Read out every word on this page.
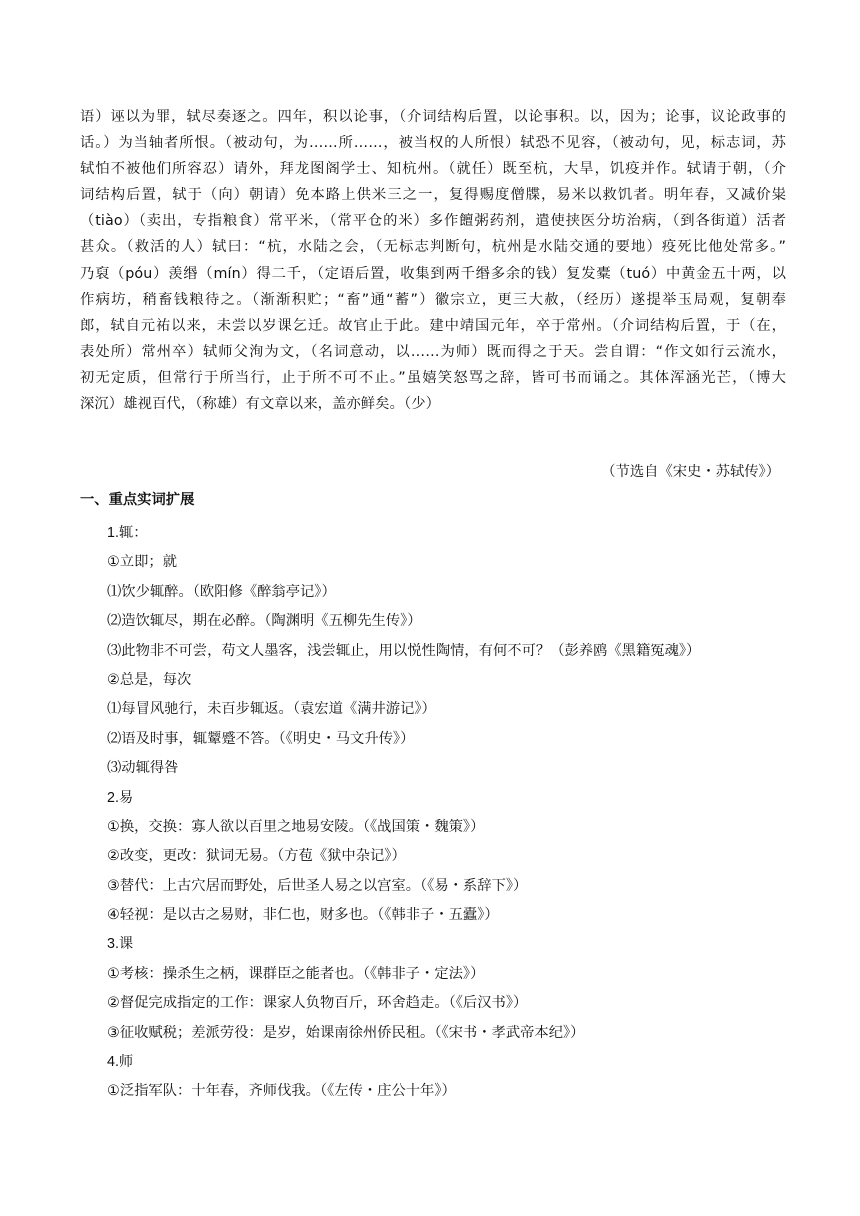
语）诬以为罪，轼尽奏逐之。四年，积以论事，（介词结构后置，以论事积。以，因为；论事，议论政事的
话。）为当轴者所恨。（被动句，为……所……，被当权的人所恨）轼恐不见容，（被动句，见，标志词，苏
轼怕不被他们所容忍）请外，拜龙图阁学士、知杭州。（就任）既至杭，大旱，饥疫并作。轼请于朝，（介
词结构后置，轼于（向）朝请）免本路上供米三之一，复得赐度僧牒，易米以救饥者。明年春，又减价粜
（tiào）（卖出，专指粮食）常平米，（常平仓的米）多作饘粥药剂，遣使挟医分坊治病，（到各街道）活者
甚众。（救活的人）轼曰：“杭，水陆之会，（无标志判断句，杭州是水陆交通的要地）疫死比他处常多。”
乃裒（póu）羡缗（mín）得二千，（定语后置，收集到两千缗多余的钱）复发橐（tuó）中黄金五十两，以
作病坊，稍畜钱粮待之。（渐渐积贮；“畜”通“蓄”）徽宗立，更三大赦，（经历）遂提举玉局观，复朝奉
郎，轼自元祐以来，未尝以岁课乞迁。故官止于此。建中靖国元年，卒于常州。（介词结构后置，于（在，
表处所）常州卒）轼师父洵为文，（名词意动，以……为师）既而得之于天。尝自谓：“作文如行云流水，
初无定质，但常行于所当行，止于所不可不止。”虽嬉笑怒骂之辞，皆可书而诵之。其体浑涵光芒，（博大
深沉）雄视百代，（称雄）有文章以来，盖亦鲜矣。（少）
（节选自《宋史・苏轼传》）
一、重点实词扩展
1.辄：
①立即；就
⑴饮少辄醉。（欧阳修《醉翁亭记》）
⑵造饮辄尽，期在必醉。（陶渊明《五柳先生传》）
⑶此物非不可尝，苟文人墨客，浅尝辄止，用以悦性陶情，有何不可？（彭养鸥《黑籍冤魂》）
②总是，每次
⑴每冒风驰行，未百步辄返。（袁宏道《满井游记》）
⑵语及时事，辄颦蹙不答。（《明史・马文升传》）
⑶动辄得咎
2.易
①换，交换：寡人欲以百里之地易安陵。（《战国策・魏策》）
②改变，更改：狱词无易。（方苞《狱中杂记》）
③替代：上古穴居而野处，后世圣人易之以宫室。（《易・系辞下》）
④轻视：是以古之易财，非仁也，财多也。（《韩非子・五蠹》）
3.课
①考核：操杀生之柄，课群臣之能者也。（《韩非子・定法》）
②督促完成指定的工作：课家人负物百斤，环舍趋走。（《后汉书》）
③征收赋税；差派劳役：是岁，始课南徐州侨民租。（《宋书・孝武帝本纪》）
4.师
①泛指军队：十年春，齐师伐我。（《左传・庄公十年》）
